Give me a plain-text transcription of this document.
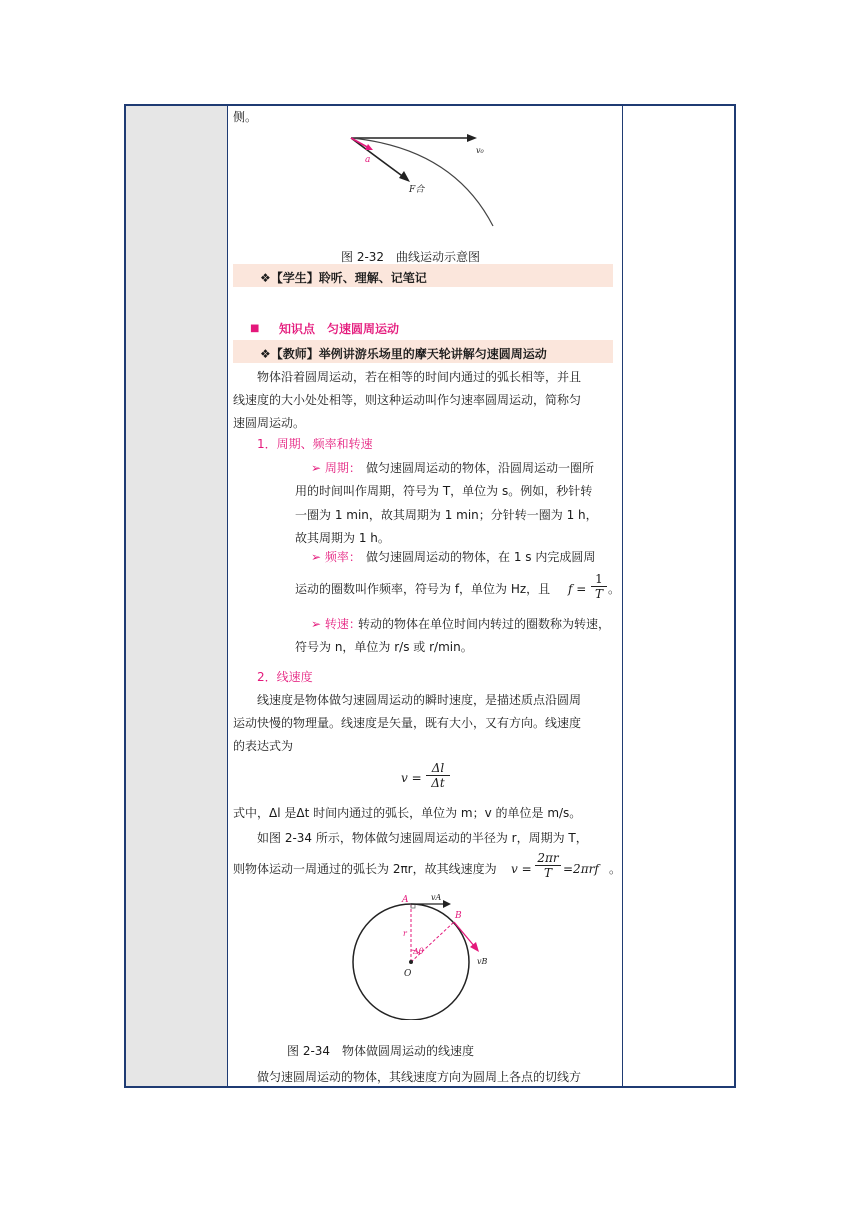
侧。
v₀
a
F合
图 2-32　曲线运动示意图
❖【学生】聆听、理解、记笔记
■ 知识点　匀速圆周运动
❖【教师】举例讲游乐场里的摩天轮讲解匀速圆周运动
物体沿着圆周运动，若在相等的时间内通过的弧长相等，并且
线速度的大小处处相等，则这种运动叫作匀速率圆周运动，简称匀
速圆周运动。
1．周期、频率和转速
➢ 周期： 做匀速圆周运动的物体，沿圆周运动一圈所
用的时间叫作周期，符号为 T，单位为 s。例如，秒针转
一圈为 1 min，故其周期为 1 min；分针转一圈为 1 h，
故其周期为 1 h。
➢ 频率： 做匀速圆周运动的物体，在 1 s 内完成圆周
运动的圈数叫作频率，符号为 f，单位为 Hz，且 $f = \frac{1}{T}$ 。
➢ 转速：
转动的物体在单位时间内转过的圈数称为转速，
符号为 n，单位为 r/s 或 r/min。
2．线速度
线速度是物体做匀速圆周运动的瞬时速度，是描述质点沿圆周
运动快慢的物理量。线速度是矢量，既有大小，又有方向。线速度
的表达式为
$v = \frac{\Delta l}{\Delta t}$
式中，Δl 是Δt 时间内通过的弧长，单位为 m；v 的单位是 m/s。
如图 2-34 所示，物体做匀速圆周运动的半径为 r，周期为 T，
则物体运动一周通过的弧长为 2πr，故其线速度为 $v = \frac{2\pi r}{T} =2\pi rf$ 。
A
B
O
r
Δθ
vA
vB
图 2-34　物体做圆周运动的线速度
做匀速圆周运动的物体，其线速度方向为圆周上各点的切线方
